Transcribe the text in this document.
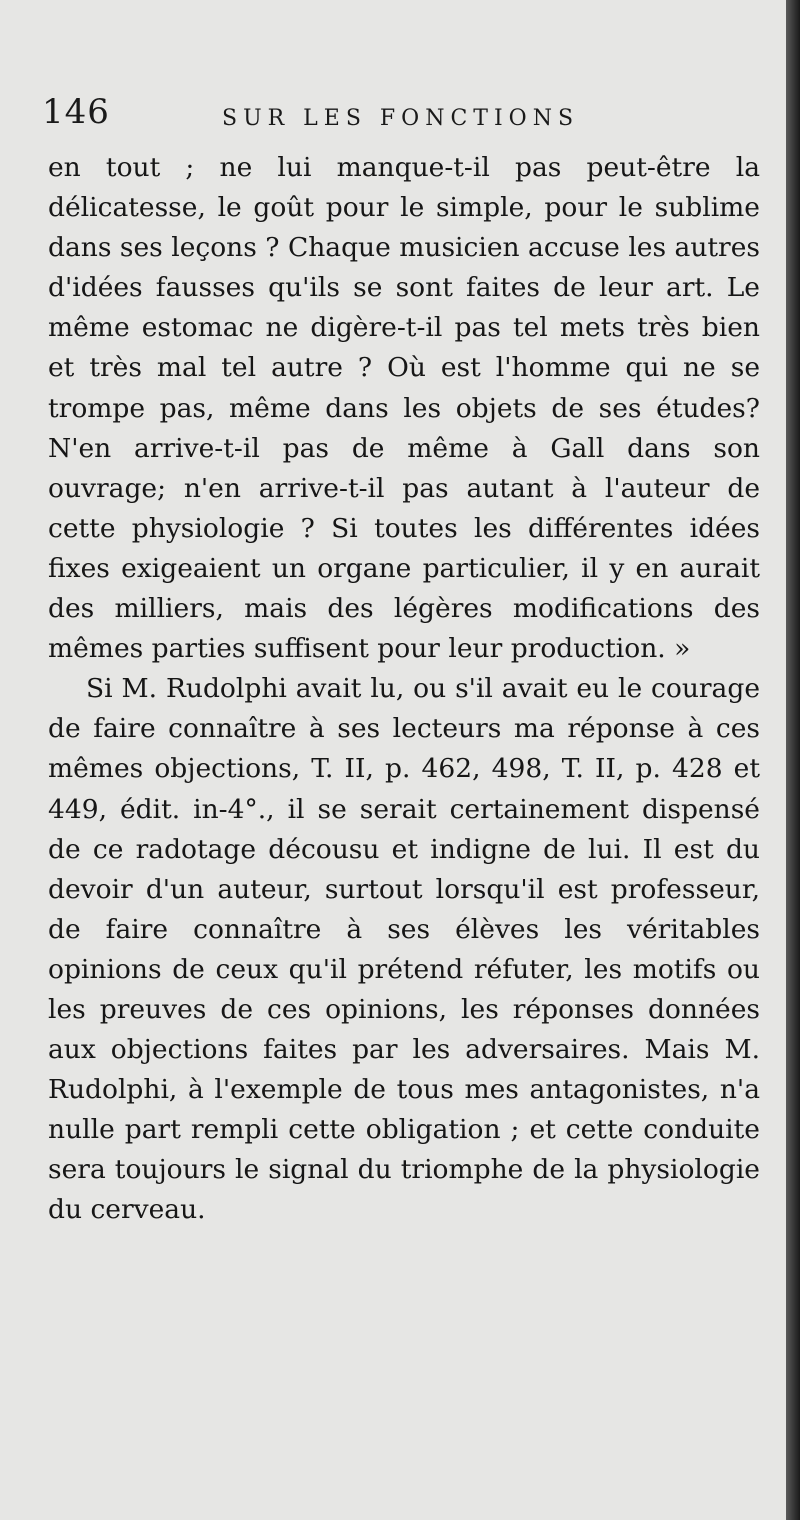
146	SUR LES FONCTIONS

en tout ; ne lui manque-t-il pas peut-être la délicatesse, le goût pour le simple, pour le sublime dans ses leçons ? Chaque musicien accuse les autres d'idées fausses qu'ils se sont faites de leur art. Le même estomac ne digère-t-il pas tel mets très bien et très mal tel autre ? Où est l'homme qui ne se trompe pas, même dans les objets de ses études? N'en arrive-t-il pas de même à Gall dans son ouvrage; n'en arrive-t-il pas autant à l'auteur de cette physiologie ? Si toutes les différentes idées fixes exigeaient un organe particulier, il y en aurait des milliers, mais des légères modifications des mêmes parties suffisent pour leur production. »

Si M. Rudolphi avait lu, ou s'il avait eu le courage de faire connaître à ses lecteurs ma réponse à ces mêmes objections, T. II, p. 462, 498, T. II, p. 428 et 449, édit. in-4°., il se serait certainement dispensé de ce radotage décousu et indigne de lui. Il est du devoir d'un auteur, surtout lorsqu'il est professeur, de faire connaître à ses élèves les véritables opinions de ceux qu'il prétend réfuter, les motifs ou les preuves de ces opinions, les réponses données aux objections faites par les adversaires. Mais M. Rudolphi, à l'exemple de tous mes antagonistes, n'a nulle part rempli cette obligation ; et cette conduite sera toujours le signal du triomphe de la physiologie du cerveau.
